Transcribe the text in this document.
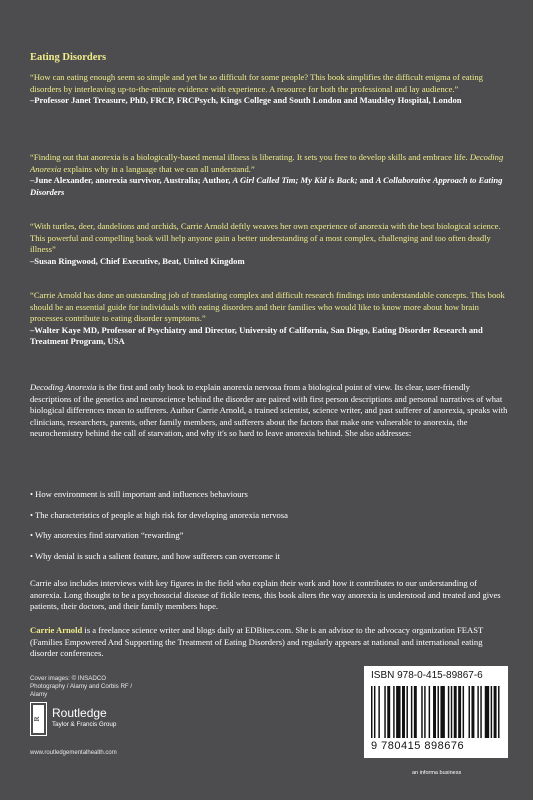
Eating Disorders
“How can eating enough seem so simple and yet be so difficult for some people? This book simplifies the difficult enigma of eating disorders by interleaving up-to-the-minute evidence with experience. A resource for both the professional and lay audience.”
–Professor Janet Treasure, PhD, FRCP, FRCPsych, Kings College and South London and Maudsley Hospital, London
“Finding out that anorexia is a biologically-based mental illness is liberating. It sets you free to develop skills and embrace life. Decoding Anorexia explains why in a language that we can all understand.”
–June Alexander, anorexia survivor, Australia; Author, A Girl Called Tim; My Kid is Back; and A Collaborative Approach to Eating Disorders
“With turtles, deer, dandelions and orchids, Carrie Arnold deftly weaves her own experience of anorexia with the best biological science. This powerful and compelling book will help anyone gain a better understanding of a most complex, challenging and too often deadly illness”
–Susan Ringwood, Chief Executive, Beat, United Kingdom
“Carrie Arnold has done an outstanding job of translating complex and difficult research findings into understandable concepts. This book should be an essential guide for individuals with eating disorders and their families who would like to know more about how brain processes contribute to eating disorder symptoms.”
–Walter Kaye MD, Professor of Psychiatry and Director, University of California, San Diego, Eating Disorder Research and Treatment Program, USA
Decoding Anorexia is the first and only book to explain anorexia nervosa from a biological point of view. Its clear, user-friendly descriptions of the genetics and neuroscience behind the disorder are paired with first person descriptions and personal narratives of what biological differences mean to sufferers. Author Carrie Arnold, a trained scientist, science writer, and past sufferer of anorexia, speaks with clinicians, researchers, parents, other family members, and sufferers about the factors that make one vulnerable to anorexia, the neurochemistry behind the call of starvation, and why it's so hard to leave anorexia behind. She also addresses:
• How environment is still important and influences behaviours
• The characteristics of people at high risk for developing anorexia nervosa
• Why anorexics find starvation “rewarding”
• Why denial is such a salient feature, and how sufferers can overcome it
Carrie also includes interviews with key figures in the field who explain their work and how it contributes to our understanding of anorexia. Long thought to be a psychosocial disease of fickle teens, this book alters the way anorexia is understood and treated and gives patients, their doctors, and their family members hope.
Carrie Arnold is a freelance science writer and blogs daily at EDBites.com. She is an advisor to the advocacy organization FEAST (Families Empowered And Supporting the Treatment of Eating Disorders) and regularly appears at national and international eating disorder conferences.
Cover images: © INSADCO Photography / Alamy and Corbis RF / Alamy
R Routledge
Taylor & Francis Group
www.routledgementalhealth.com
ISBN 978-0-415-89867-6
9 780415 898676
an informa business
